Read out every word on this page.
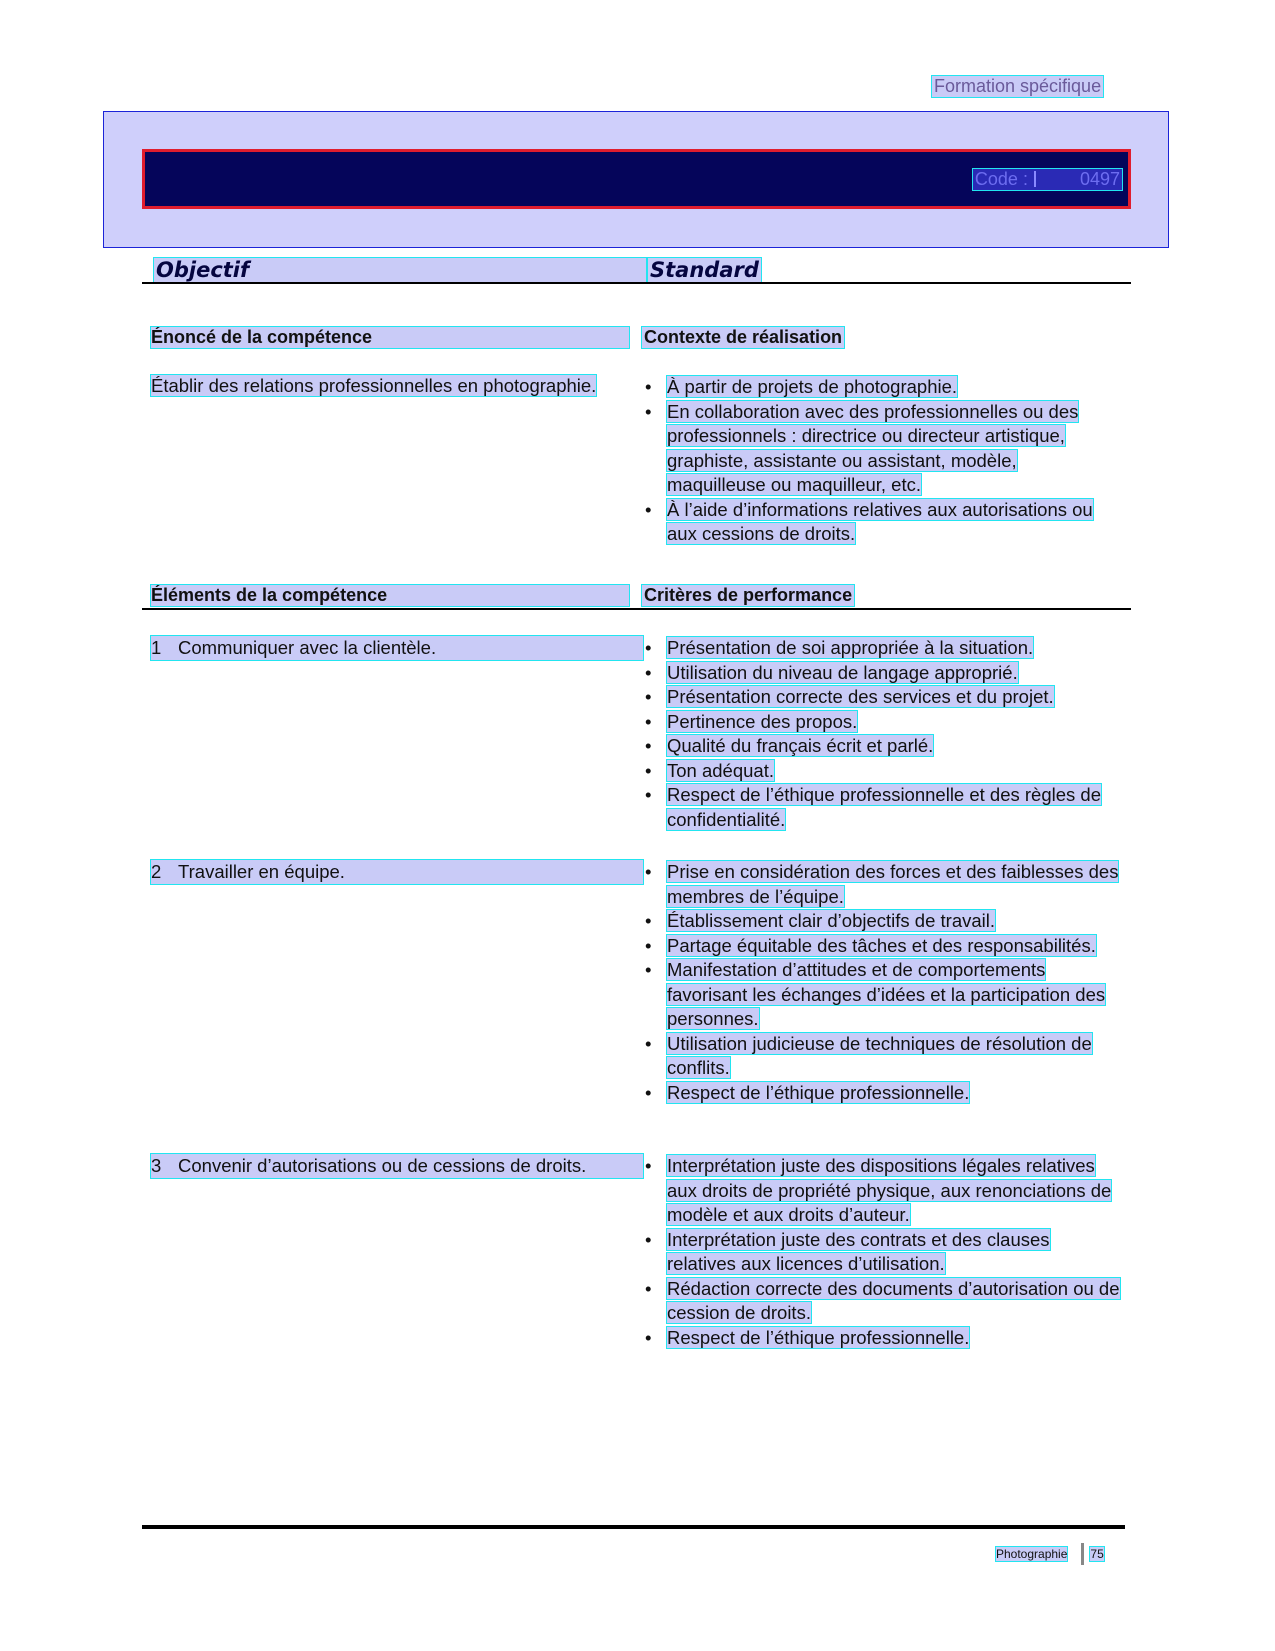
Formation spécifique
Code :	0497
Objectif	Standard
Énoncé de la compétence	Contexte de réalisation
Établir des relations professionnelles en photographie.	• À partir de projets de photographie.
• En collaboration avec des professionnelles ou des professionnels : directrice ou directeur artistique, graphiste, assistante ou assistant, modèle, maquilleuse ou maquilleur, etc.
• À l’aide d’informations relatives aux autorisations ou aux cessions de droits.
Éléments de la compétence	Critères de performance
1 Communiquer avec la clientèle.	• Présentation de soi appropriée à la situation.
• Utilisation du niveau de langage approprié.
• Présentation correcte des services et du projet.
• Pertinence des propos.
• Qualité du français écrit et parlé.
• Ton adéquat.
• Respect de l’éthique professionnelle et des règles de confidentialité.
2 Travailler en équipe.	• Prise en considération des forces et des faiblesses des membres de l’équipe.
• Établissement clair d’objectifs de travail.
• Partage équitable des tâches et des responsabilités.
• Manifestation d’attitudes et de comportements favorisant les échanges d’idées et la participation des personnes.
• Utilisation judicieuse de techniques de résolution de conflits.
• Respect de l’éthique professionnelle.
3 Convenir d’autorisations ou de cessions de droits.	• Interprétation juste des dispositions légales relatives aux droits de propriété physique, aux renonciations de modèle et aux droits d’auteur.
• Interprétation juste des contrats et des clauses relatives aux licences d’utilisation.
• Rédaction correcte des documents d’autorisation ou de cession de droits.
• Respect de l’éthique professionnelle.
Photographie 75
